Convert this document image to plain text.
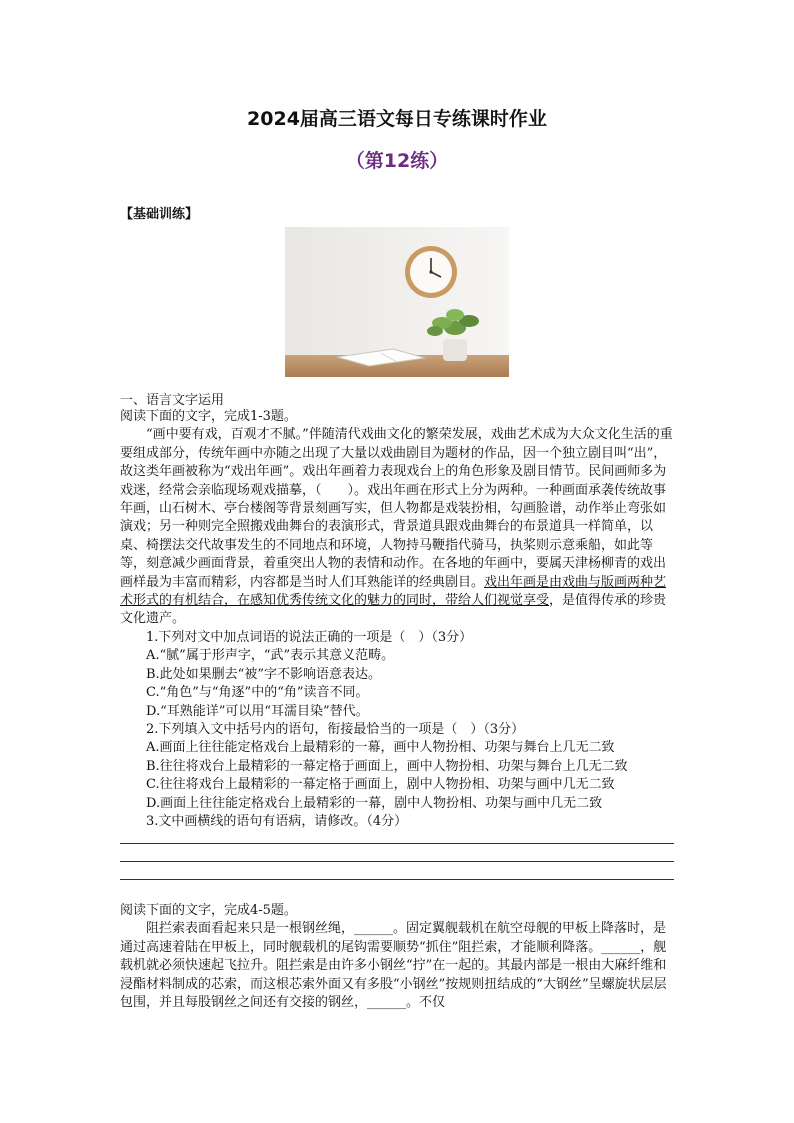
2024届高三语文每日专练课时作业
（第12练）
【基础训练】
一、语言文字运用

阅读下面的文字，完成1-3题。

“画中要有戏，百观才不腻。”伴随清代戏曲文化的繁荣发展，戏曲艺术成为大众文化生活的重要组成部分，传统年画中亦随之出现了大量以戏曲剧目为题材的作品，因一个独立剧目叫“出”，故这类年画被称为“戏出年画”。戏出年画着力表现戏台上的角色形象及剧目情节。民间画师多为戏迷，经常会亲临现场观戏描摹，（　　）。戏出年画在形式上分为两种。一种画面承袭传统故事年画，山石树木、亭台楼阁等背景刻画写实，但人物都是戏装扮相，勾画脸谱，动作举止弯张如演戏；另一种则完全照搬戏曲舞台的表演形式，背景道具跟戏曲舞台的布景道具一样简单，以桌、椅摆法交代故事发生的不同地点和环境，人物持马鞭指代骑马，执桨则示意乘船，如此等等，刻意减少画面背景，着重突出人物的表情和动作。在各地的年画中，要属天津杨柳青的戏出画样最为丰富而精彩，内容都是当时人们耳熟能详的经典剧目。戏出年画是由戏曲与版画两种艺术形式的有机结合，在感知优秀传统文化的魅力的同时，带给人们视觉享受，是值得传承的珍贵文化遗产。

1.下列对文中加点词语的说法正确的一项是（　）（3分）

A.“腻”属于形声字，“武”表示其意义范畴。

B.此处如果删去“被”字不影响语意表达。

C.“角色”与“角逐”中的“角”读音不同。

D.“耳熟能详”可以用“耳濡目染”替代。

2.下列填入文中括号内的语句，衔接最恰当的一项是（　）（3分）

A.画面上往往能定格戏台上最精彩的一幕，画中人物扮相、功架与舞台上几无二致

B.往往将戏台上最精彩的一幕定格于画面上，画中人物扮相、功架与舞台上几无二致

C.往往将戏台上最精彩的一幕定格于画面上，剧中人物扮相、功架与画中几无二致

D.画面上往往能定格戏台上最精彩的一幕，剧中人物扮相、功架与画中几无二致

3.文中画横线的语句有语病，请修改。（4分）

阅读下面的文字，完成4-5题。

阻拦索表面看起来只是一根钢丝绳，______。固定翼舰载机在航空母舰的甲板上降落时，是通过高速着陆在甲板上，同时舰载机的尾钩需要顺势“抓住”阻拦索，才能顺利降落。______，舰载机就必须快速起飞拉升。阻拦索是由许多小钢丝“拧”在一起的。其最内部是一根由大麻纤维和浸酯材料制成的芯索，而这根芯索外面又有多股“小钢丝”按规则扭结成的“大钢丝”呈螺旋状层层包围，并且每股钢丝之间还有交接的钢丝，______。不仅
